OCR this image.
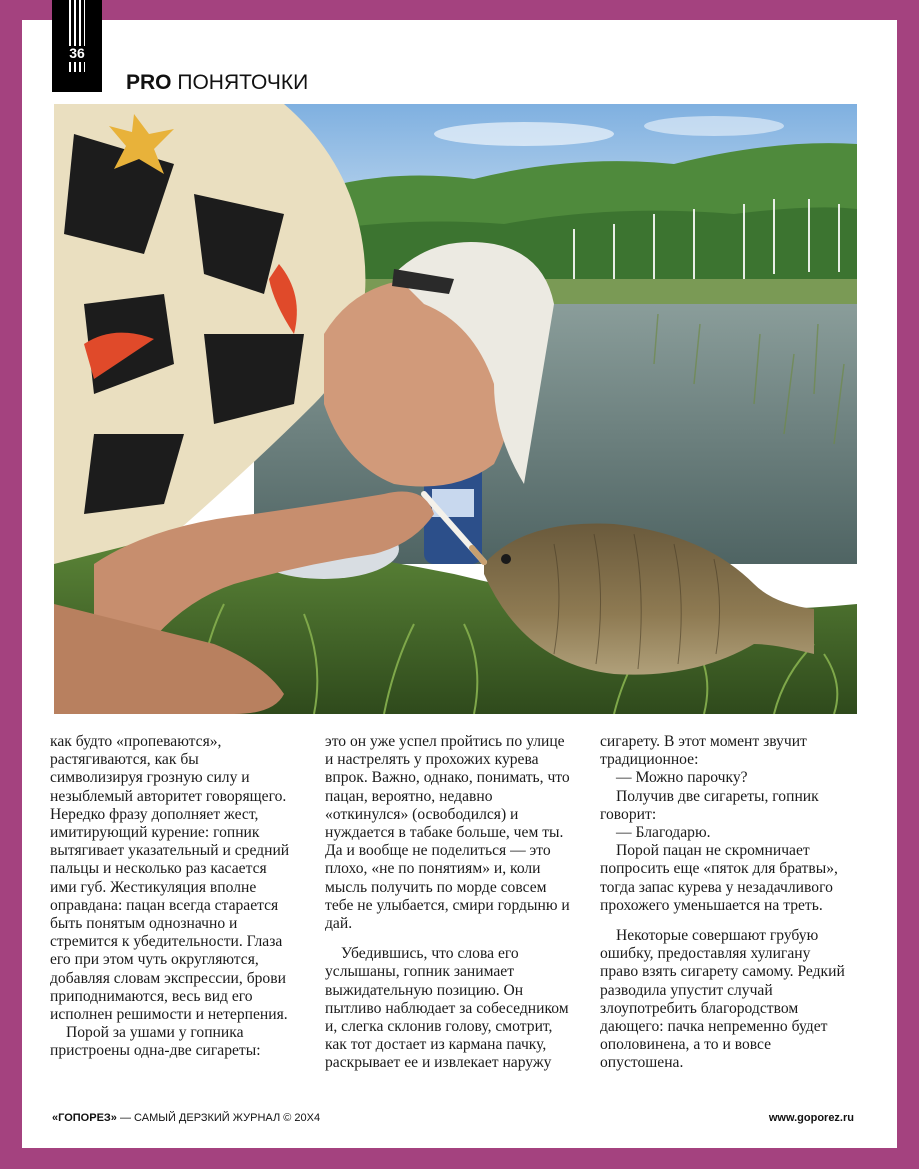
36
PRO ПОНЯТОЧКИ

как будто «пропеваются», растягиваются, как бы символизируя грозную силу и незыблемый авторитет говорящего. Нередко фразу дополняет жест, имитирующий курение: гопник вытягивает указательный и средний пальцы и несколько раз касается ими губ. Жестикуляция вполне оправдана: пацан всегда старается быть понятым однозначно и стремится к убедительности. Глаза его при этом чуть округляются, добавляя словам экспрессии, брови приподнимаются, весь вид его исполнен решимости и нетерпения.

Порой за ушами у гопника пристроены одна-две сигареты:

это он уже успел пройтись по улице и настрелять у прохожих курева впрок. Важно, однако, понимать, что пацан, вероятно, недавно «откинулся» (освободился) и нуждается в табаке больше, чем ты. Да и вообще не поделиться — это плохо, «не по понятиям» и, коли мысль получить по морде совсем тебе не улыбается, смири гордыню и дай.

Убедившись, что слова его услышаны, гопник занимает выжидательную позицию. Он пытливо наблюдает за собеседником и, слегка склонив голову, смотрит, как тот достает из кармана пачку, раскрывает ее и извлекает наружу

сигарету. В этот момент звучит традиционное:

— Можно парочку?

Получив две сигареты, гопник говорит:

— Благодарю.

Порой пацан не скромничает попросить еще «пяток для братвы», тогда запас курева у незадачливого прохожего уменьшается на треть.

Некоторые совершают грубую ошибку, предоставляя хулигану право взять сигарету самому. Редкий разводила упустит случай злоупотребить благородством дающего: пачка непременно будет ополовинена, а то и вовсе опустошена.

«ГОПОРЕЗ» — САМЫЙ ДЕРЗКИЙ ЖУРНАЛ © 20Х4	www.goporez.ru
